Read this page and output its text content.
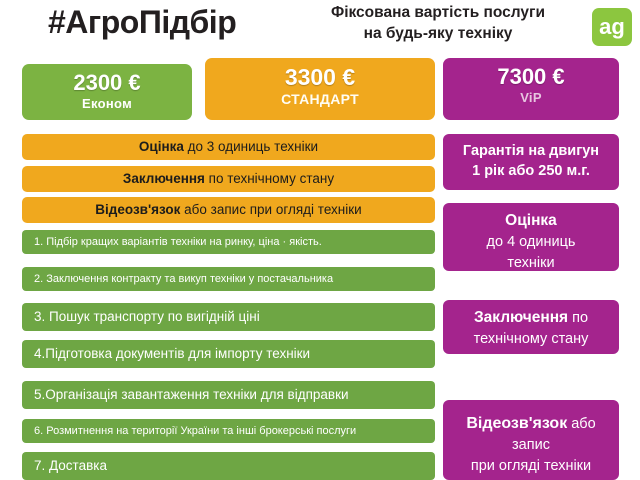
#АгроПідбір	Фіксована вартість послуги
на будь-яку техніку	ag
2300 €
Економ
3300 €
СТАНДАРТ
7300 €
ViP
Оцінка до 3 одиниць техніки
Заключення по технічному стану
Відеозв'язок або запис при огляді техніки
1. Підбір кращих варіантів техніки на ринку, ціна · якість.
2. Заключення контракту та викуп техніки у постачальника
3. Пошук транспорту по вигідній ціні
4.Підготовка документів для імпорту техніки
5.Організація завантаження техніки для відправки
6. Розмитнення на території України та інші брокерські послуги
7. Доставка
Гарантія на двигун
1 рік або 250 м.г.
Оцінка
до 4 одиниць
техніки
Заключення по
технічному стану
Відеозв'язок або
запис
при огляді техніки
